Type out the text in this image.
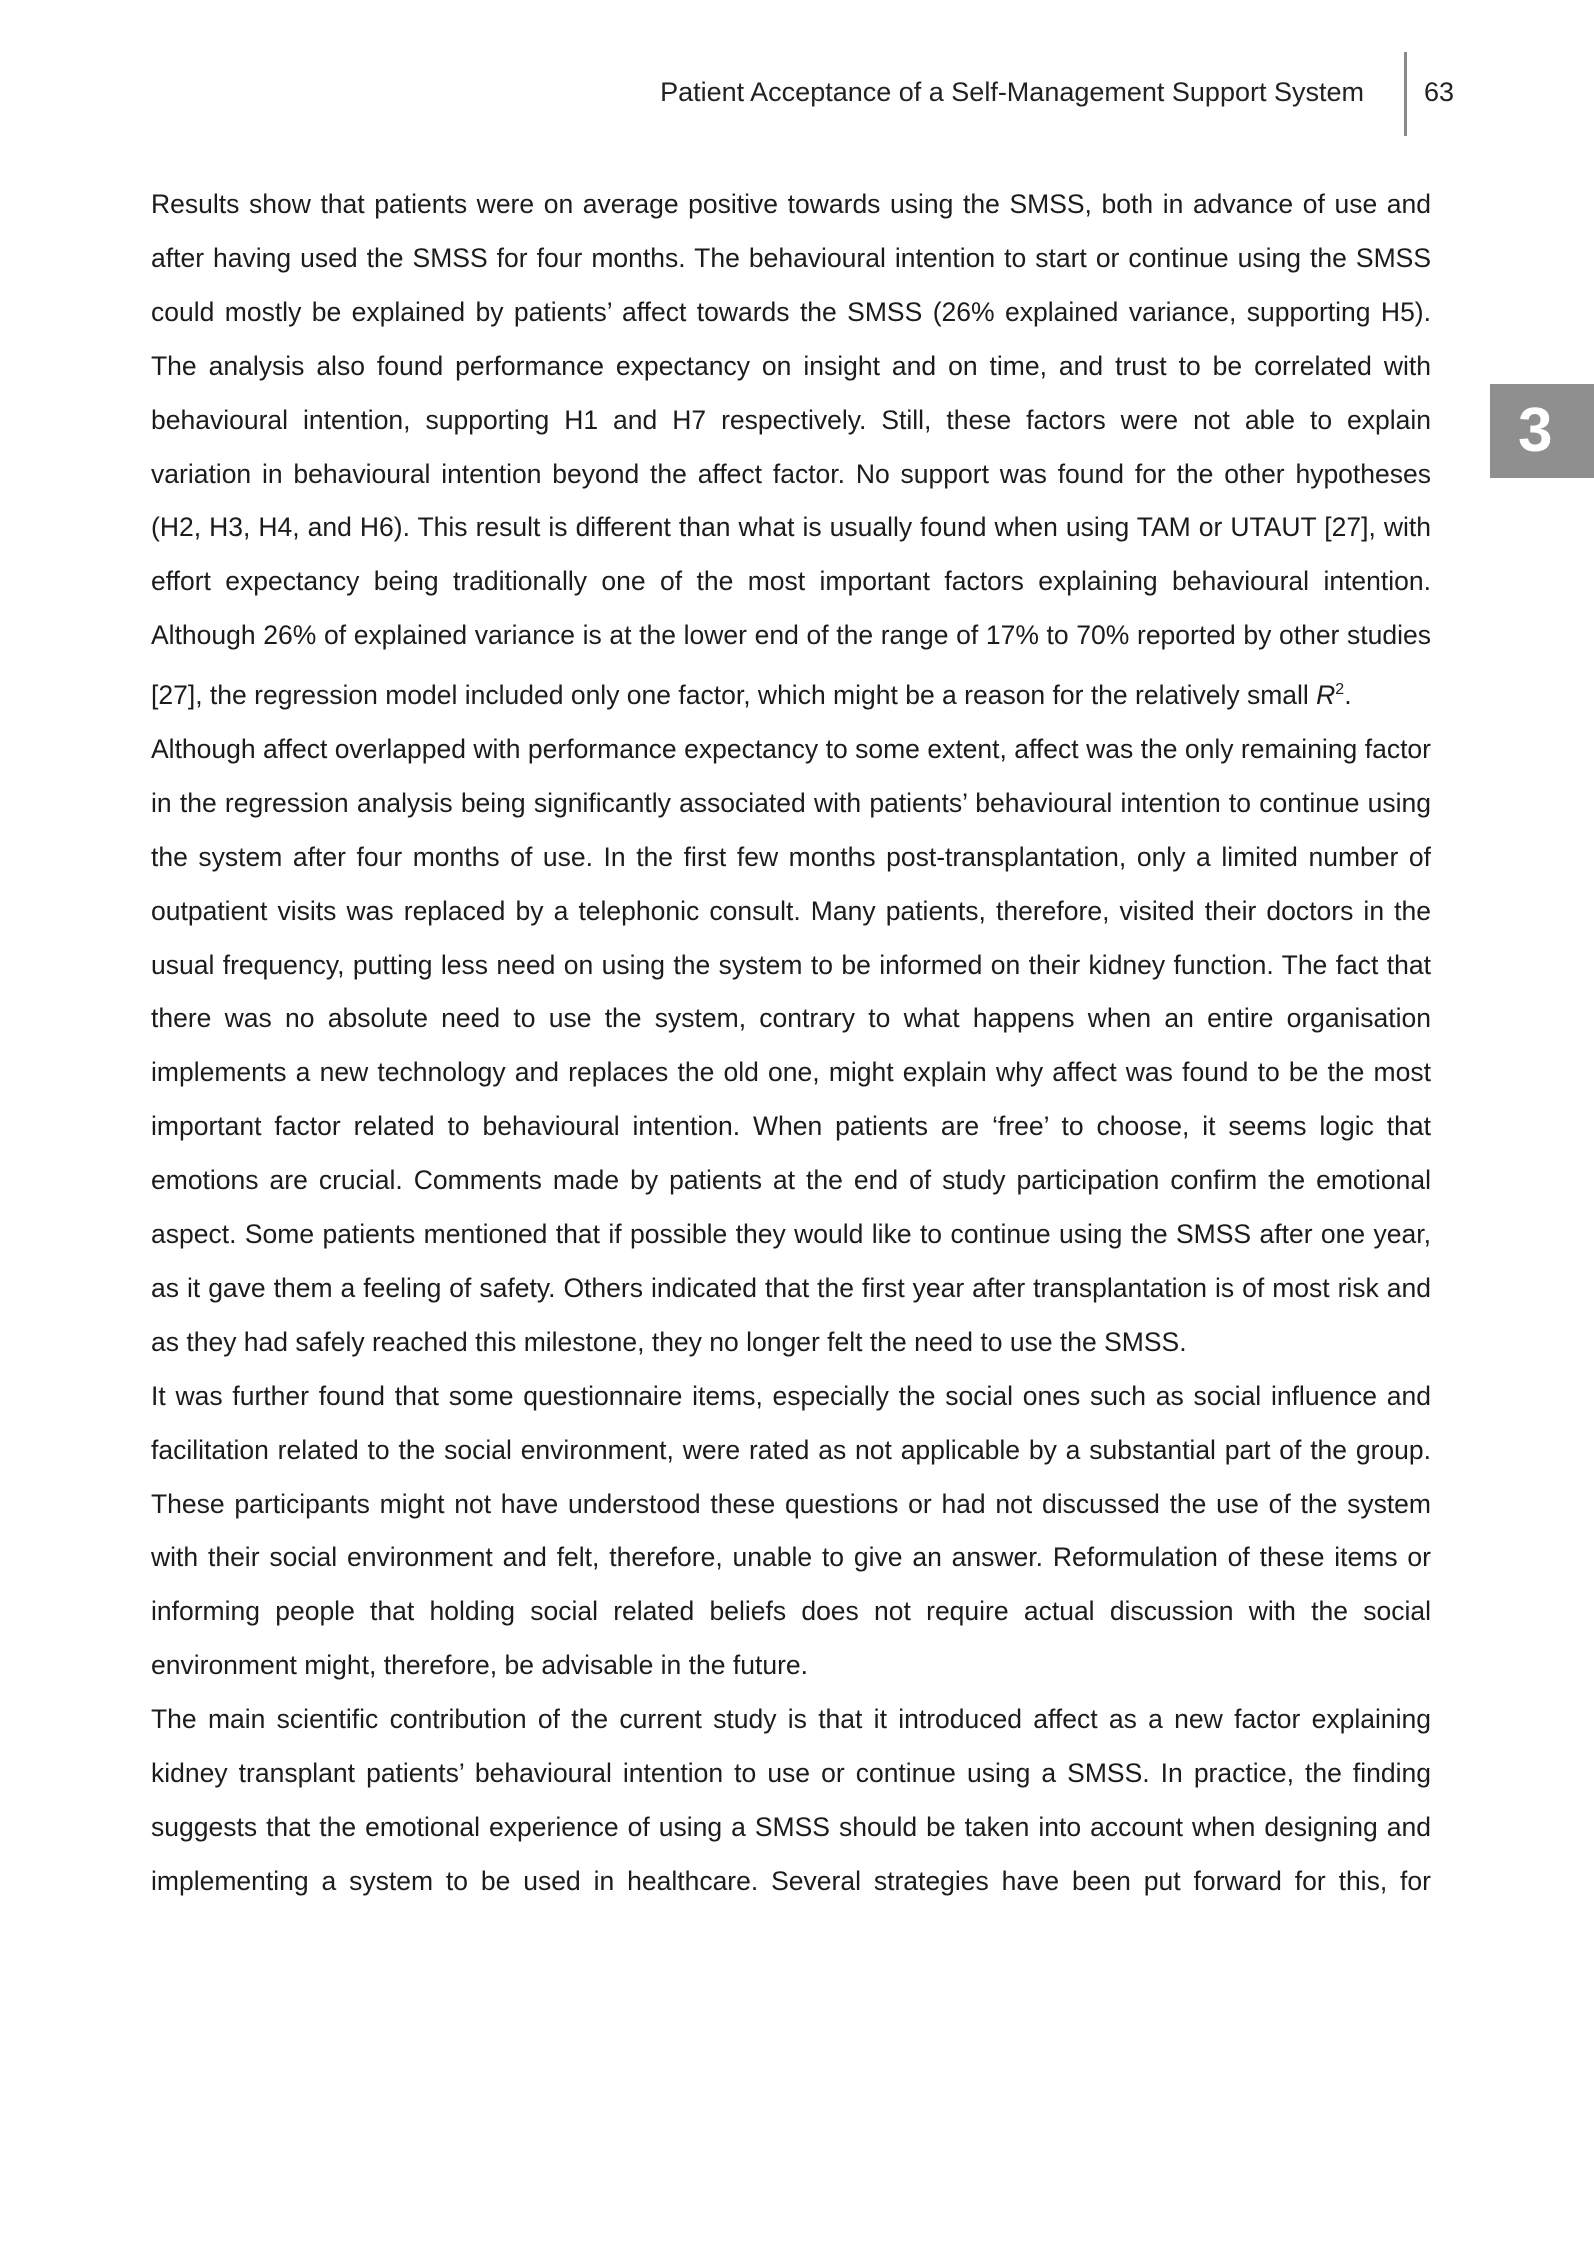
Patient Acceptance of a Self-Management Support System 63
3

Results show that patients were on average positive towards using the SMSS, both in advance of use and after having used the SMSS for four months. The behavioural intention to start or continue using the SMSS could mostly be explained by patients’ affect towards the SMSS (26% explained variance, supporting H5). The analysis also found performance expectancy on insight and on time, and trust to be correlated with behavioural intention, supporting H1 and H7 respectively. Still, these factors were not able to explain variation in behavioural intention beyond the affect factor. No support was found for the other hypotheses (H2, H3, H4, and H6). This result is different than what is usually found when using TAM or UTAUT [27], with effort expectancy being traditionally one of the most important factors explaining behavioural intention. Although 26% of explained variance is at the lower end of the range of 17% to 70% reported by other studies [27], the regression model included only one factor, which might be a reason for the relatively small $R^2$.

Although affect overlapped with performance expectancy to some extent, affect was the only remaining factor in the regression analysis being significantly associated with patients’ behavioural intention to continue using the system after four months of use. In the first few months post-transplantation, only a limited number of outpatient visits was replaced by a telephonic consult. Many patients, therefore, visited their doctors in the usual frequency, putting less need on using the system to be informed on their kidney function. The fact that there was no absolute need to use the system, contrary to what happens when an entire organisation implements a new technology and replaces the old one, might explain why affect was found to be the most important factor related to behavioural intention. When patients are ‘free’ to choose, it seems logic that emotions are crucial. Comments made by patients at the end of study participation confirm the emotional aspect. Some patients mentioned that if possible they would like to continue using the SMSS after one year, as it gave them a feeling of safety. Others indicated that the first year after transplantation is of most risk and as they had safely reached this milestone, they no longer felt the need to use the SMSS.

It was further found that some questionnaire items, especially the social ones such as social influence and facilitation related to the social environment, were rated as not applicable by a substantial part of the group. These participants might not have understood these questions or had not discussed the use of the system with their social environment and felt, therefore, unable to give an answer. Reformulation of these items or informing people that holding social related beliefs does not require actual discussion with the social environment might, therefore, be advisable in the future.

The main scientific contribution of the current study is that it introduced affect as a new factor explaining kidney transplant patients’ behavioural intention to use or continue using a SMSS. In practice, the finding suggests that the emotional experience of using a SMSS should be taken into account when designing and implementing a system to be used in healthcare. Several strategies have been put forward for this, for
